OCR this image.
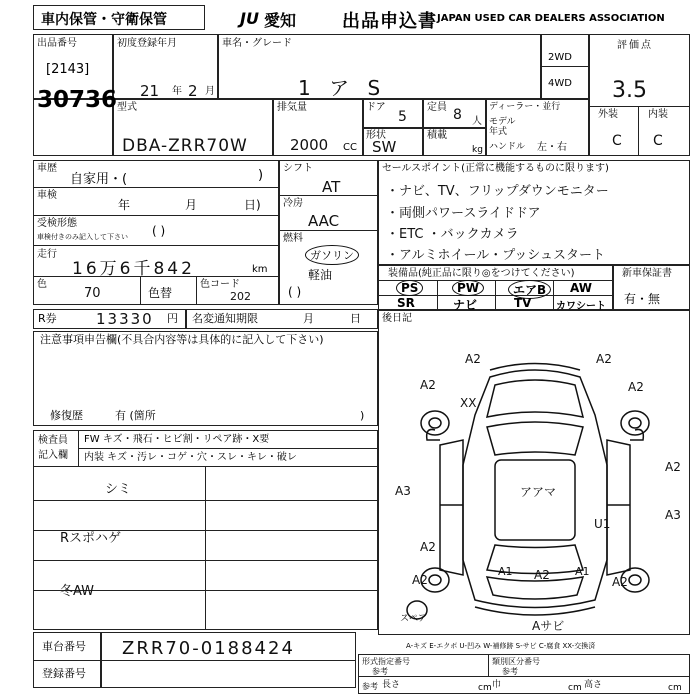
車内保管・守衛保管	JU 愛知	出品申込書 JAPAN USED CAR DEALERS ASSOCIATION
出品番号
[2143]
30736
初度登録年月
21 年 2 月
車名・グレード
1 ア S
2WD
4WD
評価点
3.5
外装	内装
C C
型式
DBA-ZRR70W
排気量
2000 CC
ドア
5
定員 8 人
ディーラー・並行
モデル
年式
ハンドル 左・右
形状
SW
積載
kg
車歴
自家用・(	)
車検
年	月	日)
受検形態
車検付きのみ記入して下さい ( )
走行
16万6千842	km
色
70	色替
色コード
202
シフト
AT
冷房
AAC
燃料
ガソリン
軽油
( )
セールスポイント(正常に機能するものに限ります)
・ナビ、TV、フリップダウンモニター
・両側パワースライドドア
・ETC ・バックカメラ
・アルミホイール・プッシュスタート
装備品(純正品に限り◎をつけてください)
PS	PW	エアB	AW
SR	ナビ	TV カワシート
新車保証書
有・無
R券	13330 円 名変通知期限	月	日 後日記
注意事項申告欄(不具合内容等は具体的に記入して下さい)
修復歴	有 (箇所	)
検査員
記入欄
FW キズ・飛石・ヒビ割・リペア跡・X要
内装 キズ・汚レ・コゲ・穴・スレ・キレ・破レ
シミ
Rスポハゲ
冬AW
A2	A2
A2
XX
A2
A3
A2
A3
アアマ
U1
A2
A2	A2
A2
A1	A1
Aサビ
スペア
A-キズ E-エクボ U-凹み W-補修跡 S-サビ C-腐食 XX-交換済
車台番号 ZRR70-0188424
登録番号
形式指定番号
参考
類別区分番号
参考
参考 長さ	cm 巾	cm 高さ	cm
